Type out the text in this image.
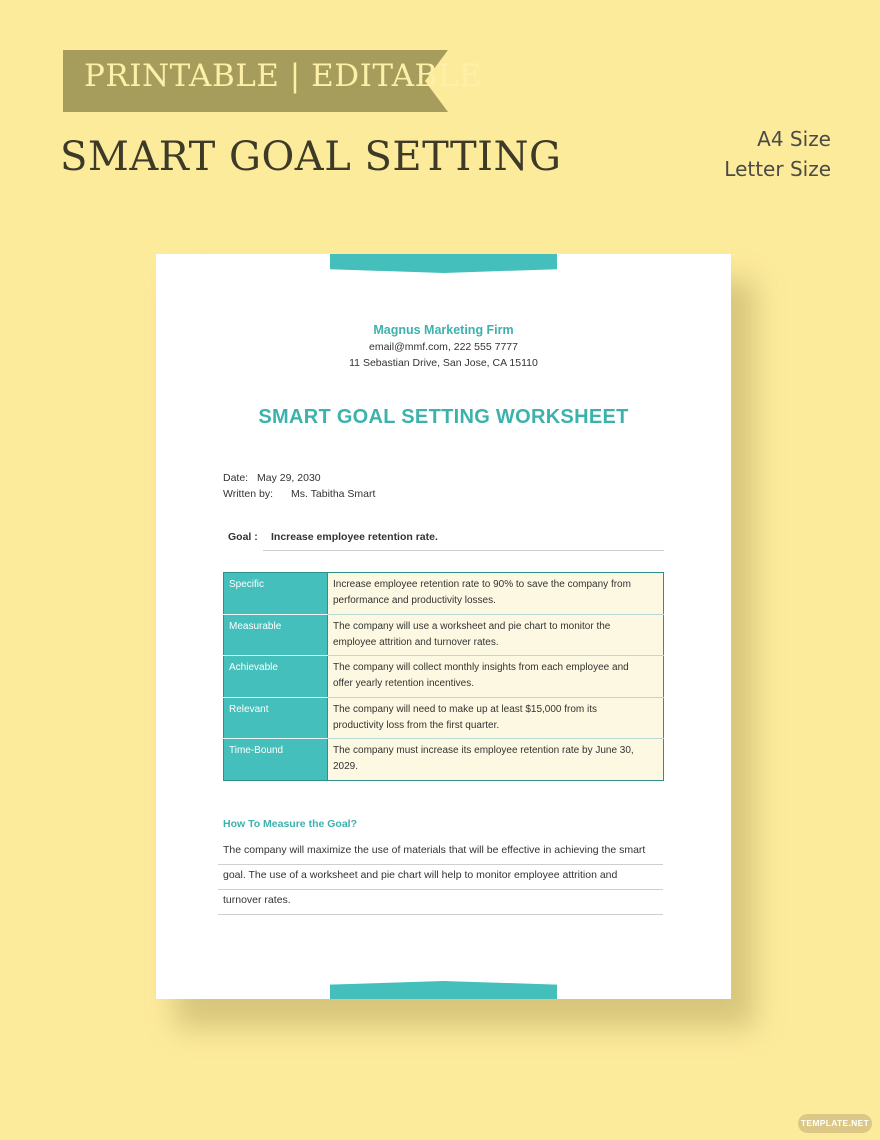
PRINTABLE | EDITABLE
SMART GOAL SETTING	A4 Size
Letter Size
Magnus Marketing Firm
email@mmf.com, 222 555 7777
11 Sebastian Drive, San Jose, CA 15110
SMART GOAL SETTING WORKSHEET
Date: May 29, 2030
Written by: Ms. Tabitha Smart
Goal : Increase employee retention rate.
Specific	Increase employee retention rate to 90% to save the company from
performance and productivity losses.
Measurable	The company will use a worksheet and pie chart to monitor the
employee attrition and turnover rates.
Achievable	The company will collect monthly insights from each employee and
offer yearly retention incentives.
Relevant	The company will need to make up at least $15,000 from its
productivity loss from the first quarter.
Time-Bound	The company must increase its employee retention rate by June 30,
2029.
How To Measure the Goal?
The company will maximize the use of materials that will be effective in achieving the smart
goal. The use of a worksheet and pie chart will help to monitor employee attrition and
turnover rates.
TEMPLATE.NET
